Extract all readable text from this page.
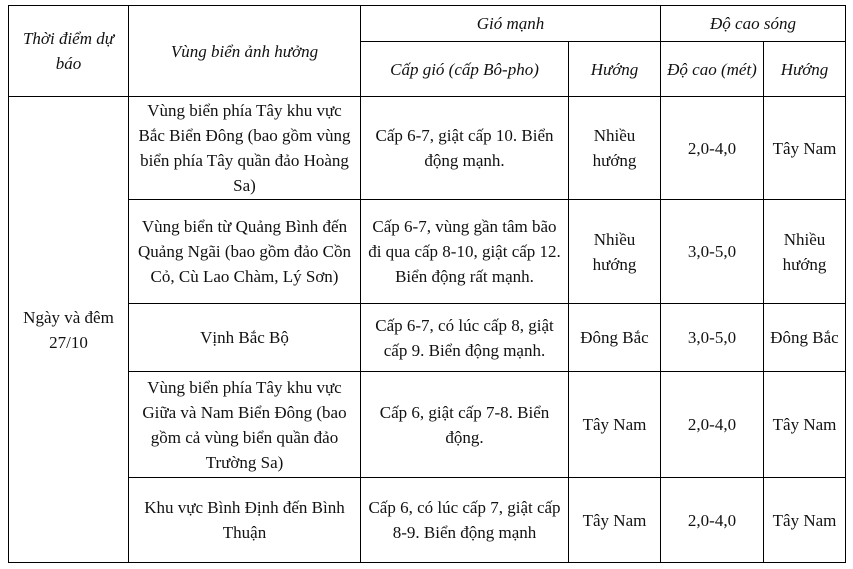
Thời điểm dự báo	Vùng biển ảnh hưởng	Gió mạnh		Độ cao sóng	
		Cấp gió (cấp Bô-pho)	Hướng	Độ cao (mét)	Hướng
Ngày và đêm 27/10	Vùng biển phía Tây khu vực Bắc Biển Đông (bao gồm vùng biển phía Tây quần đảo Hoàng Sa)	Cấp 6-7, giật cấp 10. Biển động mạnh.	Nhiều hướng	2,0-4,0	Tây Nam
	Vùng biển từ Quảng Bình đến Quảng Ngãi (bao gồm đảo Cồn Cỏ, Cù Lao Chàm, Lý Sơn)	Cấp 6-7, vùng gần tâm bão đi qua cấp 8-10, giật cấp 12. Biển động rất mạnh.	Nhiều hướng	3,0-5,0	Nhiều hướng
	Vịnh Bắc Bộ	Cấp 6-7, có lúc cấp 8, giật cấp 9. Biển động mạnh.	Đông Bắc	3,0-5,0	Đông Bắc
	Vùng biển phía Tây khu vực Giữa và Nam Biển Đông (bao gồm cả vùng biển quần đảo Trường Sa)	Cấp 6, giật cấp 7-8. Biển động.	Tây Nam	2,0-4,0	Tây Nam
	Khu vực Bình Định đến Bình Thuận	Cấp 6, có lúc cấp 7, giật cấp 8-9. Biển động mạnh	Tây Nam	2,0-4,0	Tây Nam
